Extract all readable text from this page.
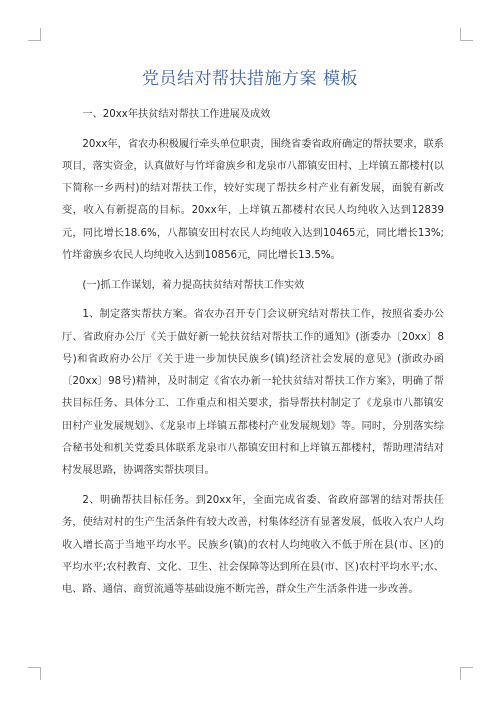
党员结对帮扶措施方案 模板

一、20xx年扶贫结对帮扶工作进展及成效

20xx年，省农办积极履行牵头单位职责，围绕省委省政府确定的帮扶要求，联系项目，落实资金，认真做好与竹垟畲族乡和龙泉市八都镇安田村、上垟镇五都楼村(以下简称一乡两村)的结对帮扶工作，较好实现了帮扶乡村产业有新发展，面貌有新改变，收入有新提高的目标。20xx年，上垟镇五都楼村农民人均纯收入达到12839元，同比增长18.6%，八都镇安田村农民人均纯收入达到10465元，同比增长13%;竹垟畲族乡农民人均纯收入达到10856元，同比增长13.5%。

(一)抓工作谋划，着力提高扶贫结对帮扶工作实效

1、制定落实帮扶方案。省农办召开专门会议研究结对帮扶工作，按照省委办公厅、省政府办公厅《关于做好新一轮扶贫结对帮扶工作的通知》(浙委办〔20xx〕8号)和省政府办公厅《关于进一步加快民族乡(镇)经济社会发展的意见》(浙政办函〔20xx〕98号)精神，及时制定《省农办新一轮扶贫结对帮扶工作方案》，明确了帮扶目标任务、具体分工、工作重点和相关要求，指导帮扶村制定了《龙泉市八都镇安田村产业发展规划》、《龙泉市上垟镇五都楼村产业发展规划》等。同时，分别落实综合秘书处和机关党委具体联系龙泉市八都镇安田村和上垟镇五都楼村，帮助理清结对村发展思路，协调落实帮扶项目。

2、明确帮扶目标任务。到20xx年，全面完成省委、省政府部署的结对帮扶任务，使结对村的生产生活条件有较大改善，村集体经济有显著发展，低收入农户人均收入增长高于当地平均水平。民族乡(镇)的农村人均纯收入不低于所在县(市、区)的平均水平;农村教育、文化、卫生、社会保障等达到所在县(市、区)农村平均水平;水、电、路、通信、商贸流通等基础设施不断完善，群众生产生活条件进一步改善。
